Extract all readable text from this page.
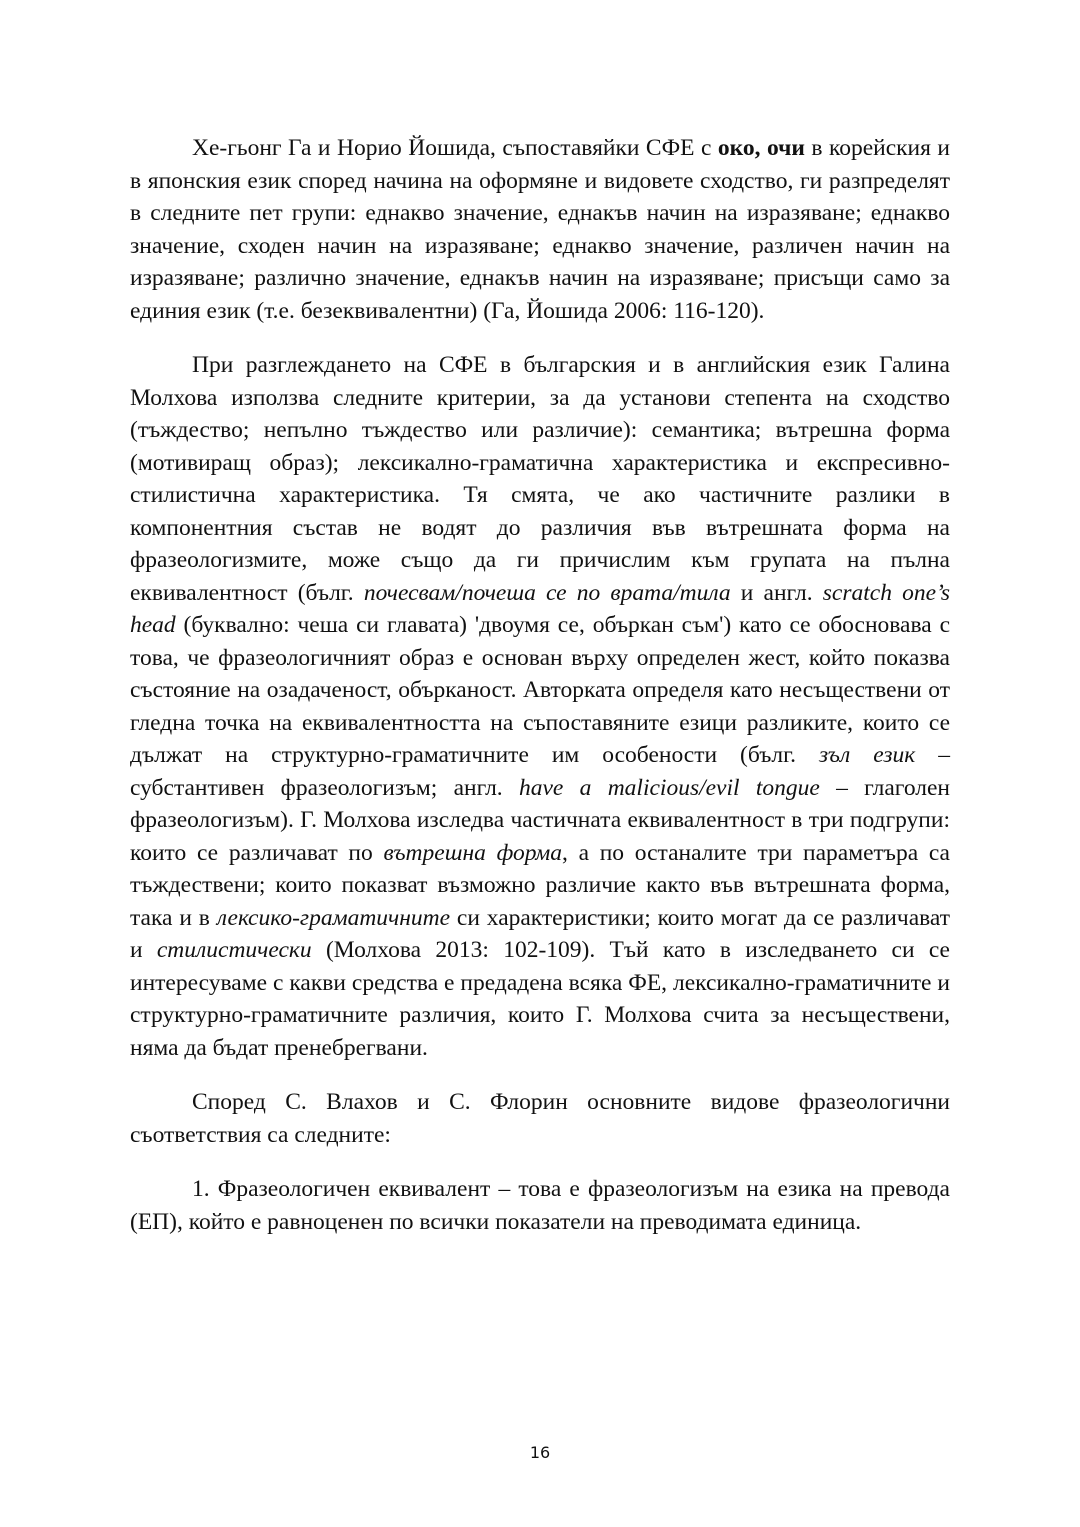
Хе-гьонг Га и Норио Йошида, съпоставяйки СФЕ с око, очи в корейския и в японския език според начина на оформяне и видовете сходство, ги разпределят в следните пет групи: еднакво значение, еднакъв начин на изразяване; еднакво значение, сходен начин на изразяване; еднакво значение, различен начин на изразяване; различно значение, еднакъв начин на изразяване; присъщи само за единия език (т.е. безеквивалентни) (Га, Йошида 2006: 116-120).

При разглеждането на СФЕ в българския и в английския език Галина Молхова използва следните критерии, за да установи степента на сходство (тъждество; непълно тъждество или различие): семантика; вътрешна форма (мотивиращ образ); лексикално-граматична характеристика и експресивно-стилистична характеристика. Тя смята, че ако частичните разлики в компонентния състав не водят до различия във вътрешната форма на фразеологизмите, може също да ги причислим към групата на пълна еквивалентност (бълг. почесвам/почеша се по врата/тила и англ. scratch one’s head (буквално: чеша си главата) 'двоумя се, объркан съм') като се обосновава с това, че фразеологичният образ е основан върху определен жест, който показва състояние на озадаченост, обърканост. Авторката определя като несъществени от гледна точка на еквивалентността на съпоставяните езици разликите, които се дължат на структурно-граматичните им особености (бълг. зъл език – субстантивен фразеологизъм; англ. have a malicious/evil tongue – глаголен фразеологизъм). Г. Молхова изследва частичната еквивалентност в три подгрупи: които се различават по вътрешна форма, а по останалите три параметъра са тъждествени; които показват възможно различие както във вътрешната форма, така и в лексико-граматичните си характеристики; които могат да се различават и стилистически (Молхова 2013: 102-109). Тъй като в изследването си се интересуваме с какви средства е предадена всяка ФЕ, лексикално-граматичните и структурно-граматичните различия, които Г. Молхова счита за несъществени, няма да бъдат пренебрегвани.

Според С. Влахов и С. Флорин основните видове фразеологични съответствия са следните:

1. Фразеологичен еквивалент – това е фразеологизъм на езика на превода (ЕП), който е равноценен по всички показатели на преводимата единица.

16
